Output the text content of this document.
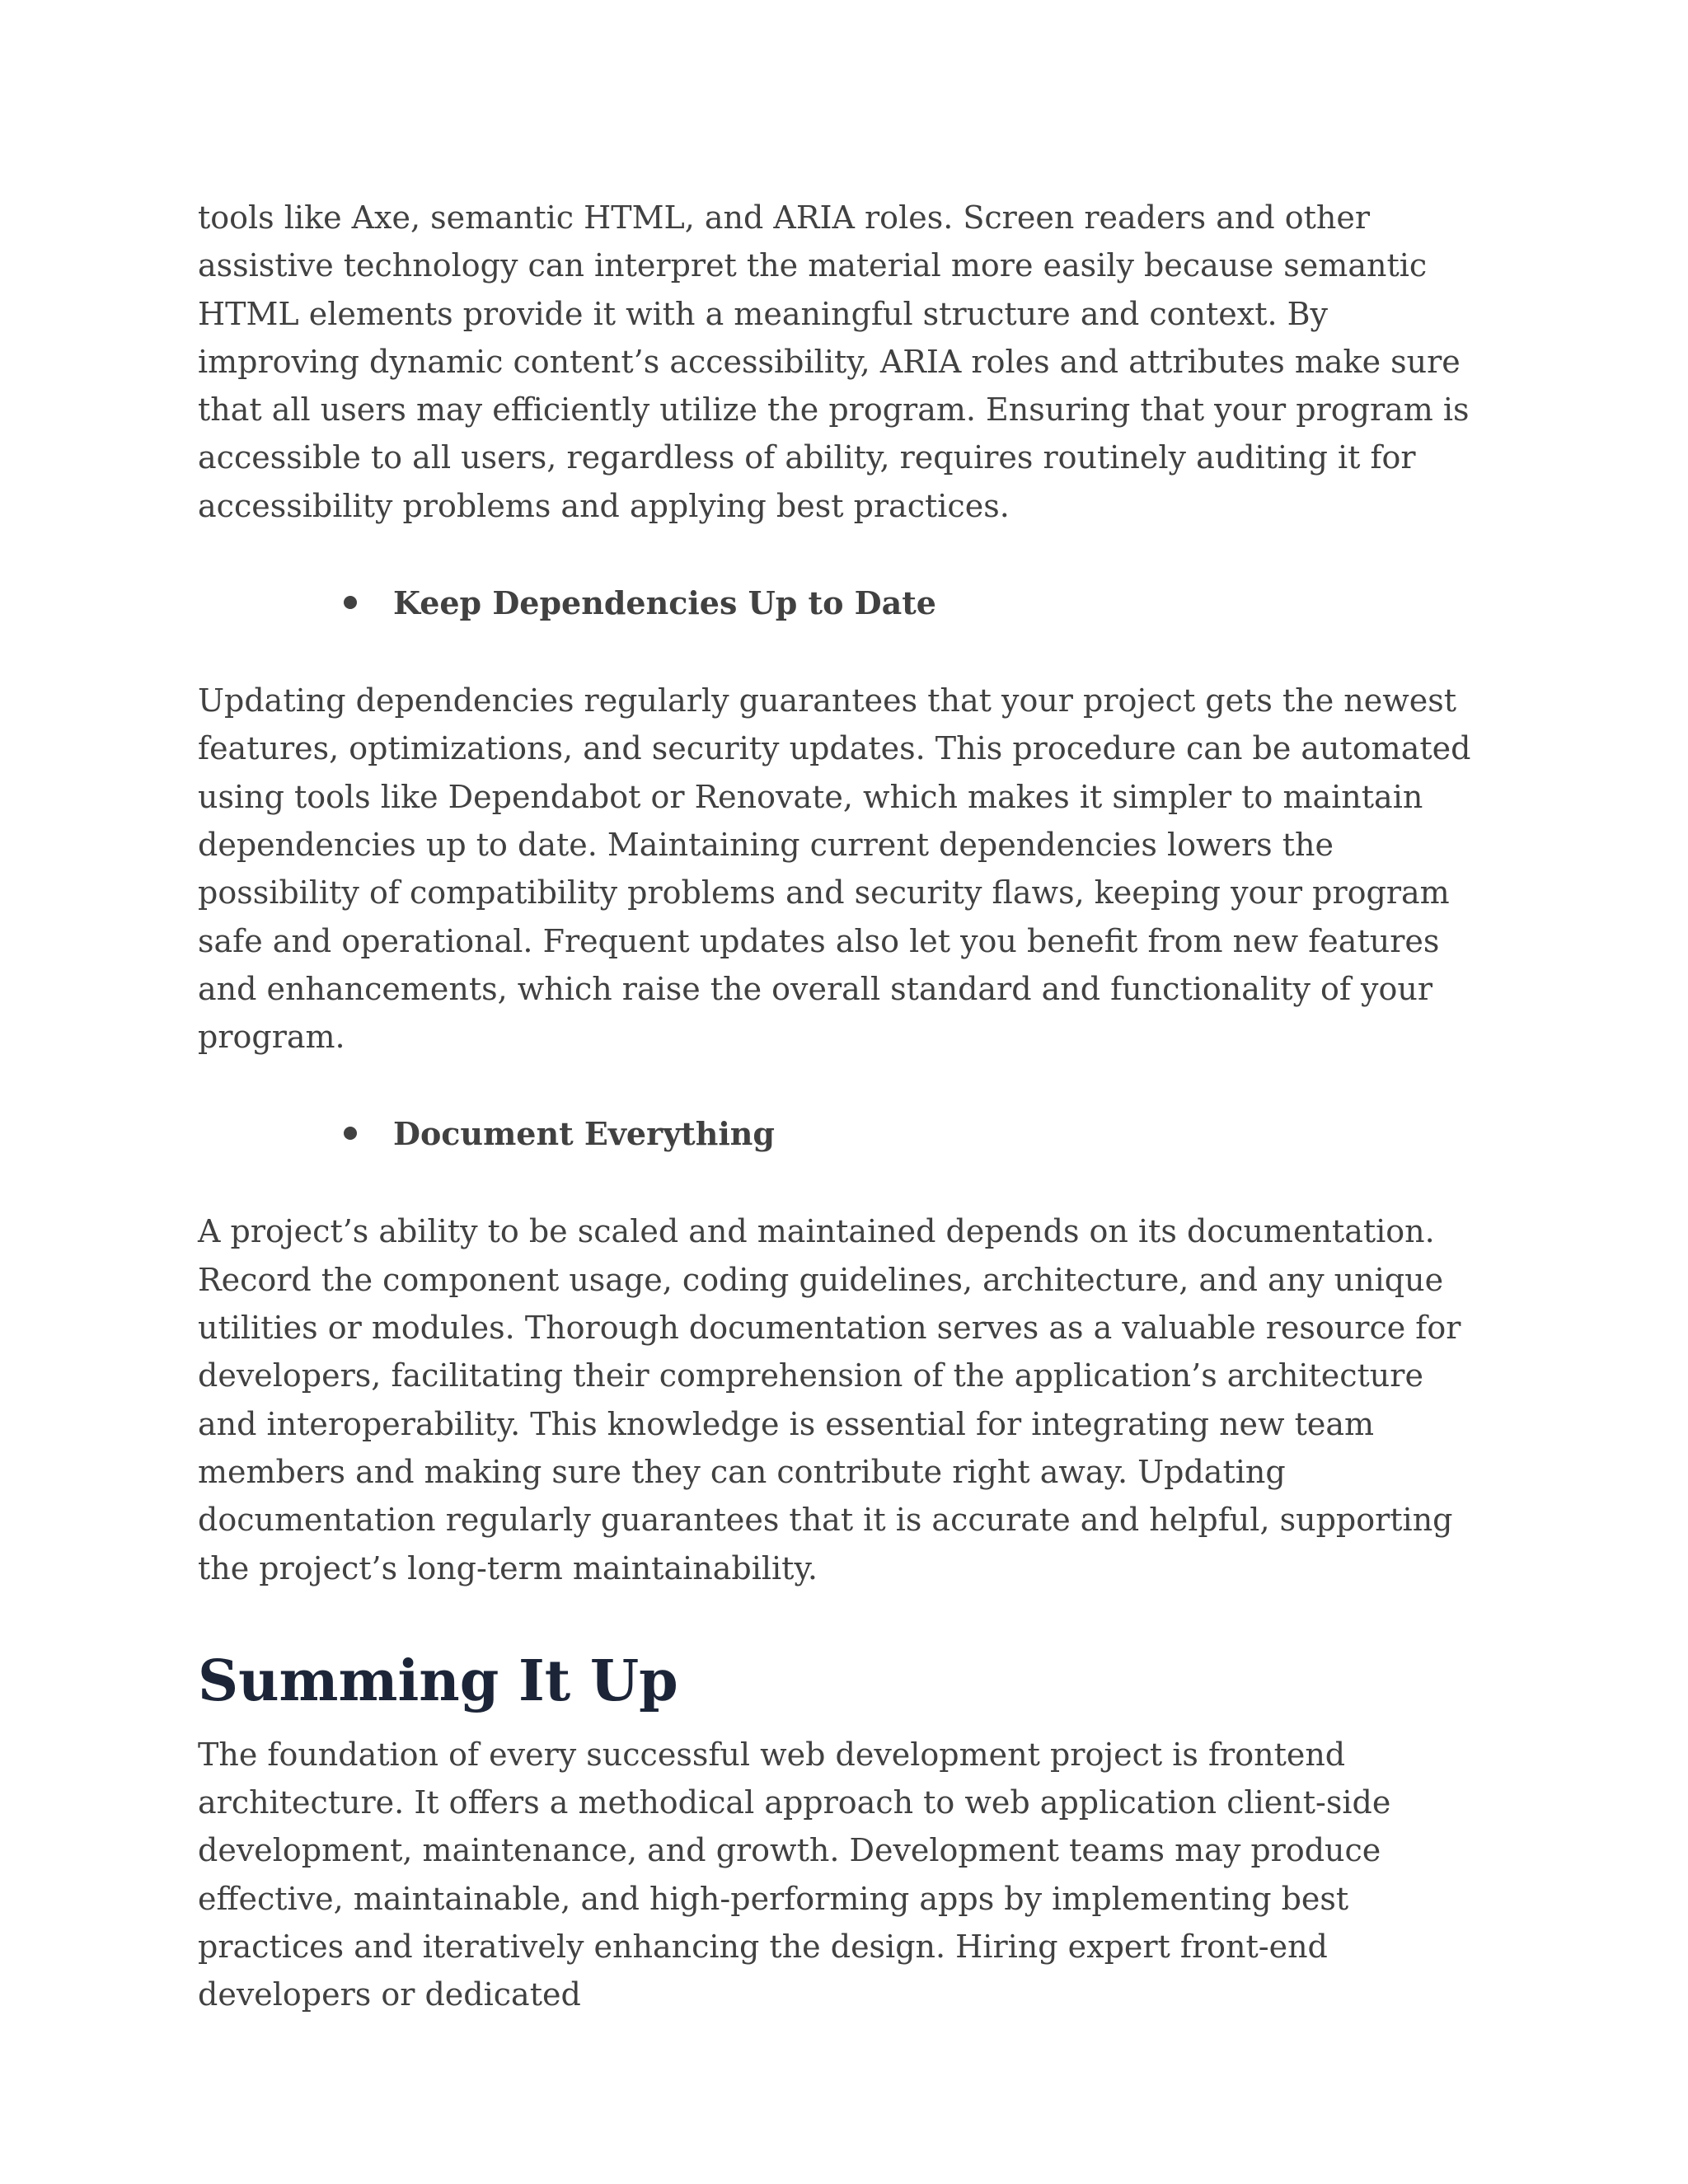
tools like Axe, semantic HTML, and ARIA roles. Screen readers and other assistive technology can interpret the material more easily because semantic HTML elements provide it with a meaningful structure and context. By improving dynamic content’s accessibility, ARIA roles and attributes make sure that all users may efficiently utilize the program. Ensuring that your program is accessible to all users, regardless of ability, requires routinely auditing it for accessibility problems and applying best practices.

Keep Dependencies Up to Date

Updating dependencies regularly guarantees that your project gets the newest features, optimizations, and security updates. This procedure can be automated using tools like Dependabot or Renovate, which makes it simpler to maintain dependencies up to date. Maintaining current dependencies lowers the possibility of compatibility problems and security flaws, keeping your program safe and operational. Frequent updates also let you benefit from new features and enhancements, which raise the overall standard and functionality of your program.

Document Everything

A project’s ability to be scaled and maintained depends on its documentation. Record the component usage, coding guidelines, architecture, and any unique utilities or modules. Thorough documentation serves as a valuable resource for developers, facilitating their comprehension of the application’s architecture and interoperability. This knowledge is essential for integrating new team members and making sure they can contribute right away. Updating documentation regularly guarantees that it is accurate and helpful, supporting the project’s long-term maintainability.

Summing It Up

The foundation of every successful web development project is frontend architecture. It offers a methodical approach to web application client-side development, maintenance, and growth. Development teams may produce effective, maintainable, and high-performing apps by implementing best practices and iteratively enhancing the design. Hiring expert front-end developers or dedicated
